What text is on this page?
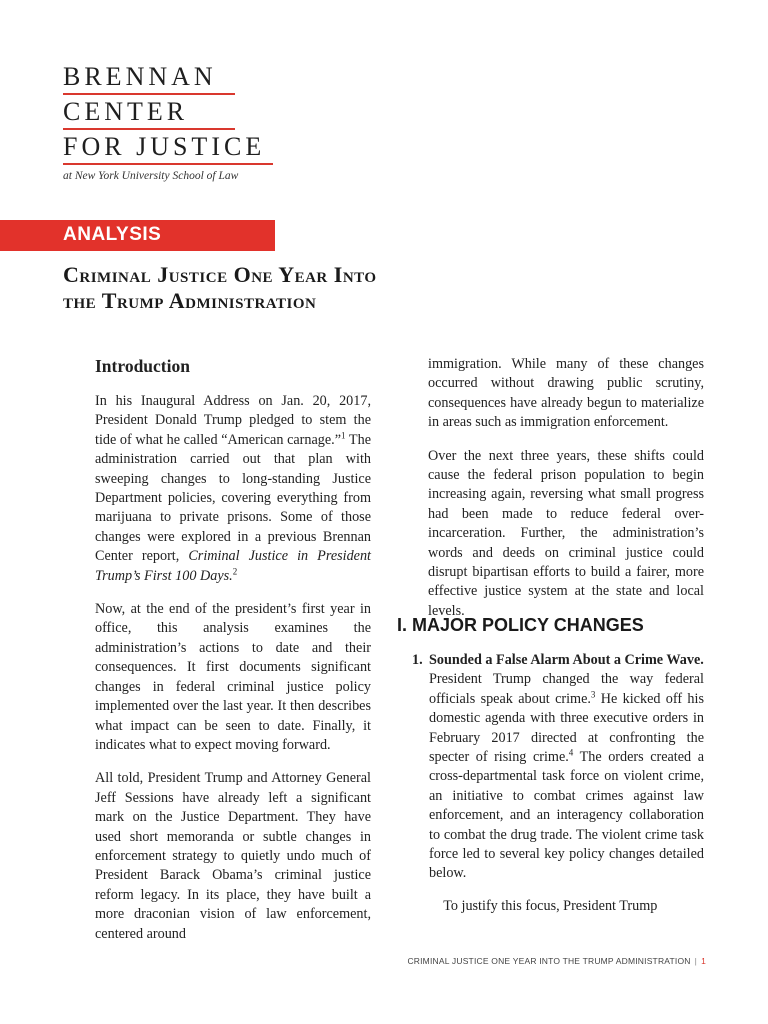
BRENNAN
CENTER
FOR JUSTICE
at New York University School of Law
ANALYSIS
Criminal Justice One Year Into
the Trump Administration
Introduction

In his Inaugural Address on Jan. 20, 2017, President Donald Trump pledged to stem the tide of what he called “American carnage.”$^1$ The administration carried out that plan with sweeping changes to long-standing Justice Department policies, covering everything from marijuana to private prisons. Some of those changes were explored in a previous Brennan Center report, Criminal Justice in President Trump’s First 100 Days.$^2$

Now, at the end of the president’s first year in office, this analysis examines the administration’s actions to date and their consequences. It first documents significant changes in federal criminal justice policy implemented over the last year. It then describes what impact can be seen to date. Finally, it indicates what to expect moving forward.

All told, President Trump and Attorney General Jeff Sessions have already left a significant mark on the Justice Department. They have used short memoranda or subtle changes in enforcement strategy to quietly undo much of President Barack Obama’s criminal justice reform legacy. In its place, they have built a more draconian vision of law enforcement, centered around

immigration. While many of these changes occurred without drawing public scrutiny, consequences have already begun to materialize in areas such as immigration enforcement.

Over the next three years, these shifts could cause the federal prison population to begin increasing again, reversing what small progress had been made to reduce federal over-incarceration. Further, the administration’s words and deeds on criminal justice could disrupt bipartisan efforts to build a fairer, more effective justice system at the state and local levels.

I. MAJOR POLICY CHANGES
1. Sounded a False Alarm About a Crime Wave.
President Trump changed the way federal officials speak about crime.$^3$ He kicked off his domestic agenda with three executive orders in February 2017 directed at confronting the specter of rising crime.$^4$ The orders created a cross-departmental task force on violent crime, an initiative to combat crimes against law enforcement, and an interagency collaboration to combat the drug trade. The violent crime task force led to several key policy changes detailed below.
To justify this focus, President Trump
CRIMINAL JUSTICE ONE YEAR INTO THE TRUMP ADMINISTRATION | 1
